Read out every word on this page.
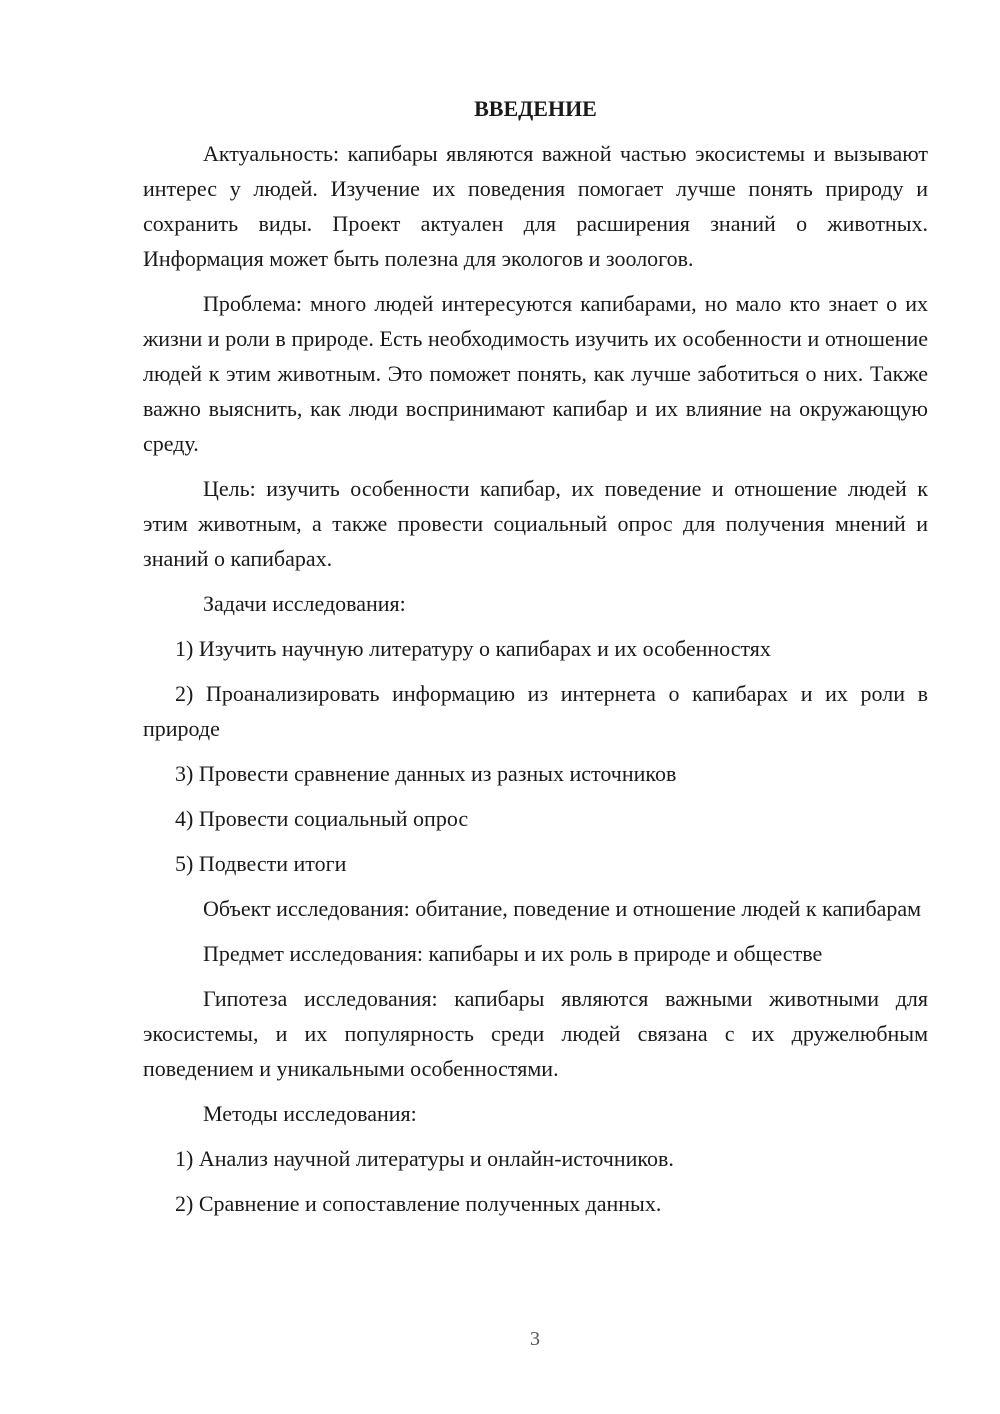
ВВЕДЕНИЕ

Актуальность: капибары являются важной частью экосистемы и вызывают интерес у людей. Изучение их поведения помогает лучше понять природу и сохранить виды. Проект актуален для расширения знаний о животных. Информация может быть полезна для экологов и зоологов.

Проблема: много людей интересуются капибарами, но мало кто знает о их жизни и роли в природе. Есть необходимость изучить их особенности и отношение людей к этим животным. Это поможет понять, как лучше заботиться о них. Также важно выяснить, как люди воспринимают капибар и их влияние на окружающую среду.

Цель: изучить особенности капибар, их поведение и отношение людей к этим животным, а также провести социальный опрос для получения мнений и знаний о капибарах.

Задачи исследования:

1) Изучить научную литературу о капибарах и их особенностях

2) Проанализировать информацию из интернета о капибарах и их роли в природе

3) Провести сравнение данных из разных источников

4) Провести социальный опрос

5) Подвести итоги

Объект исследования: обитание, поведение и отношение людей к капибарам

Предмет исследования: капибары и их роль в природе и обществе

Гипотеза исследования: капибары являются важными животными для экосистемы, и их популярность среди людей связана с их дружелюбным поведением и уникальными особенностями.

Методы исследования:

1) Анализ научной литературы и онлайн-источников.

2) Сравнение и сопоставление полученных данных.

3
